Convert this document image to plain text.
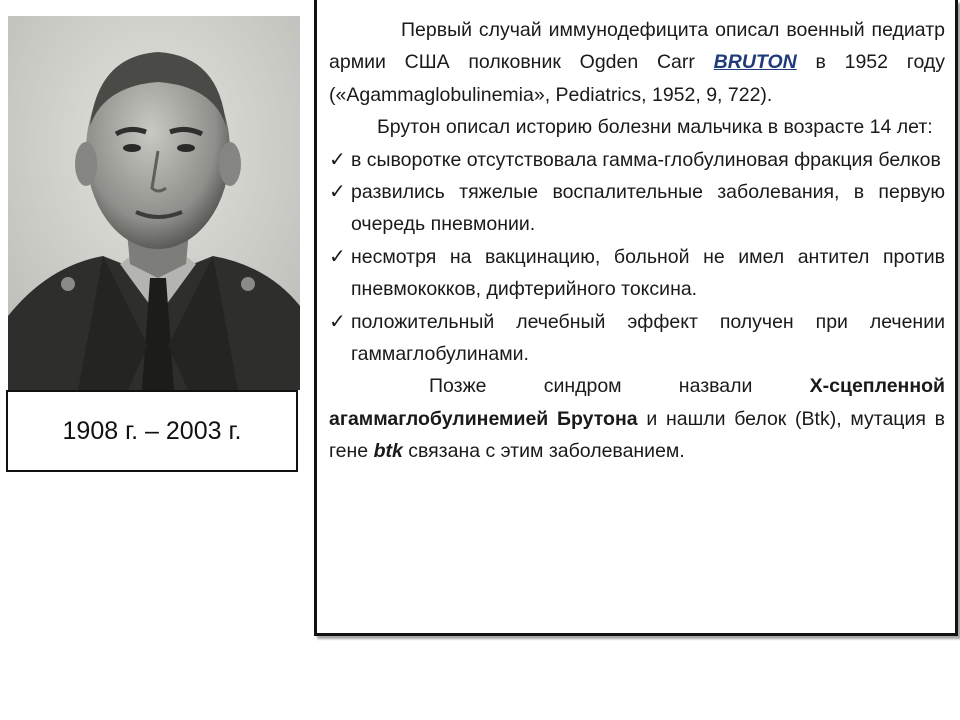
1908 г. – 2003 г.

Первый случай иммунодефицита описал военный педиатр армии США полковник Ogden Carr BRUTON в 1952 году («Agammaglobulinemia», Pediatrics, 1952, 9, 722).

Брутон описал историю болезни мальчика в возрасте 14 лет:

✓ в сыворотке отсутствовала гамма-глобулиновая фракция белков
✓ развились тяжелые воспалительные заболевания, в первую очередь пневмонии.
✓ несмотря на вакцинацию, больной не имел антител против пневмококков, дифтерийного токсина.
✓ положительный лечебный эффект получен при лечении гаммаглобулинами.

Позже синдром назвали Х-сцепленной агаммаглобулинемией Брутона и нашли белок (Btk), мутация в гене btk связана с этим заболеванием.
